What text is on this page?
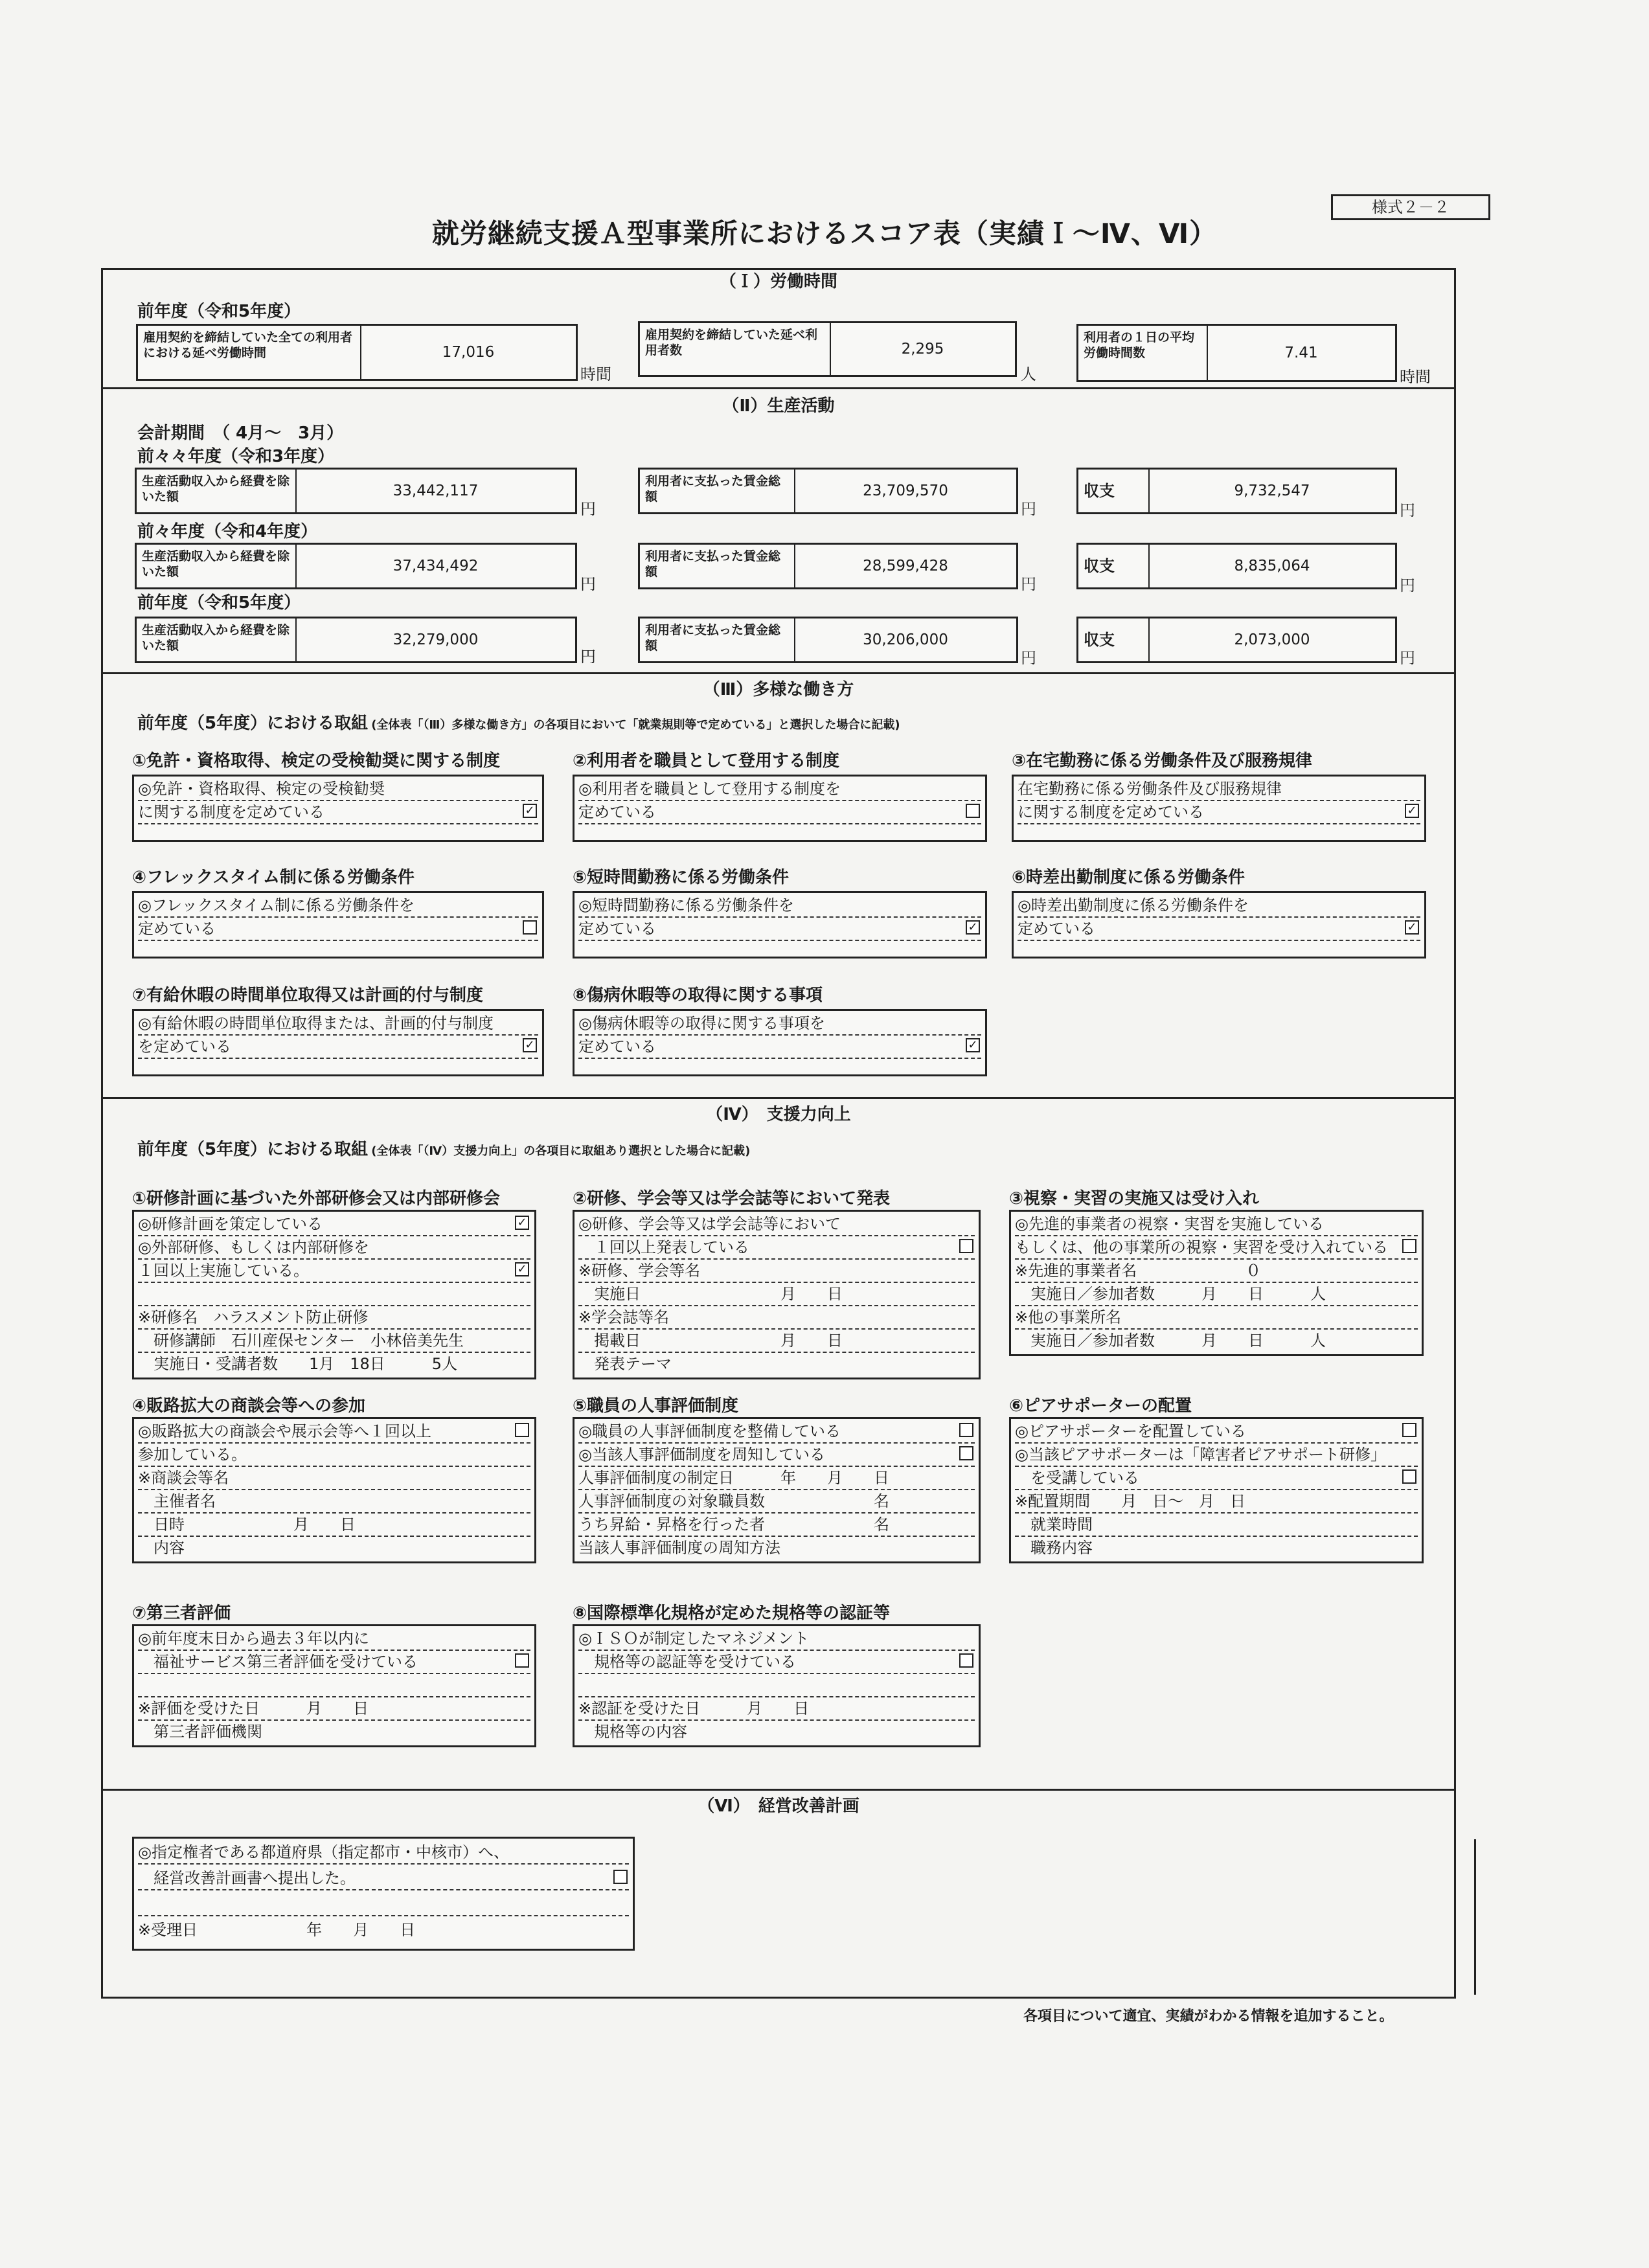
様式２－２
就労継続支援Ａ型事業所におけるスコア表（実績Ｉ～Ⅳ、Ⅵ）
（Ｉ）労働時間
前年度（令和5年度）
雇用契約を締結していた全ての利用者における延べ労働時間	17,016
時間
雇用契約を締結していた延べ利用者数	2,295
人
利用者の１日の平均労働時間数	7.41
時間
（Ⅱ）生産活動
会計期間　（ 4月～　3月）
前々々年度（令和3年度）
生産活動収入から経費を除いた額	33,442,117
円
利用者に支払った賃金総額	23,709,570
円
収支	9,732,547
円
前々年度（令和4年度）
生産活動収入から経費を除いた額	37,434,492
円
利用者に支払った賃金総額	28,599,428
円
収支	8,835,064
円
前年度（令和5年度）
生産活動収入から経費を除いた額	32,279,000
円
利用者に支払った賃金総額	30,206,000
円
収支	2,073,000
円
（Ⅲ）多様な働き方
前年度（5年度）における取組 (全体表「（Ⅲ）多様な働き方」の各項目において「就業規則等で定めている」と選択した場合に記載)
①免許・資格取得、検定の受検勧奨に関する制度
◎免許・資格取得、検定の受検勧奨
に関する制度を定めている	✓
②利用者を職員として登用する制度
◎利用者を職員として登用する制度を
定めている
③在宅勤務に係る労働条件及び服務規律
在宅勤務に係る労働条件及び服務規律
に関する制度を定めている	✓
④フレックスタイム制に係る労働条件
◎フレックスタイム制に係る労働条件を
定めている
⑤短時間勤務に係る労働条件
◎短時間勤務に係る労働条件を
定めている	✓
⑥時差出勤制度に係る労働条件
◎時差出勤制度に係る労働条件を
定めている	✓
⑦有給休暇の時間単位取得又は計画的付与制度
◎有給休暇の時間単位取得または、計画的付与制度
を定めている	✓
⑧傷病休暇等の取得に関する事項
◎傷病休暇等の取得に関する事項を
定めている	✓
（Ⅳ）　支援力向上
前年度（5年度）における取組 (全体表「（Ⅳ）支援力向上」の各項目に取組あり選択とした場合に記載)
①研修計画に基づいた外部研修会又は内部研修会
◎研修計画を策定している	✓
◎外部研修、もしくは内部研修を
１回以上実施している。	✓
※研修名　ハラスメント防止研修
　研修講師　石川産保センター　小林倍美先生
　実施日・受講者数　　1月　18日　　　5人
②研修、学会等又は学会誌等において発表
◎研修、学会等又は学会誌等において
　１回以上発表している
※研修、学会等名
　実施日　　　　　　　　　月　　日
※学会誌等名
　掲載日　　　　　　　　　月　　日
　発表テーマ
③視察・実習の実施又は受け入れ
◎先進的事業者の視察・実習を実施している
もしくは、他の事業所の視察・実習を受け入れている
※先進的事業者名　　　　　　　０
　実施日／参加者数　　　月　　日　　　人
※他の事業所名
　実施日／参加者数　　　月　　日　　　人
④販路拡大の商談会等への参加
◎販路拡大の商談会や展示会等へ１回以上
参加している。
※商談会等名
　主催者名
　日時　　　　　　　月　　日
　内容
⑤職員の人事評価制度
◎職員の人事評価制度を整備している
◎当該人事評価制度を周知している
人事評価制度の制定日　　　年　　月　　日
人事評価制度の対象職員数　　　　　　　名
うち昇給・昇格を行った者　　　　　　　名
当該人事評価制度の周知方法
⑥ピアサポーターの配置
◎ピアサポーターを配置している
◎当該ピアサポーターは「障害者ピアサポート研修」
　を受講している
※配置期間　　月　日～　月　日
　就業時間
　職務内容
⑦第三者評価
◎前年度末日から過去３年以内に
　福祉サービス第三者評価を受けている
※評価を受けた日　　　月　　日
　第三者評価機関
⑧国際標準化規格が定めた規格等の認証等
◎ＩＳＯが制定したマネジメント
　規格等の認証等を受けている
※認証を受けた日　　　月　　日
　規格等の内容
（Ⅵ）　経営改善計画
◎指定権者である都道府県（指定都市・中核市）へ、
　経営改善計画書へ提出した。
※受理日　　　　　　　年　　月　　日
各項目について適宜、実績がわかる情報を追加すること。
